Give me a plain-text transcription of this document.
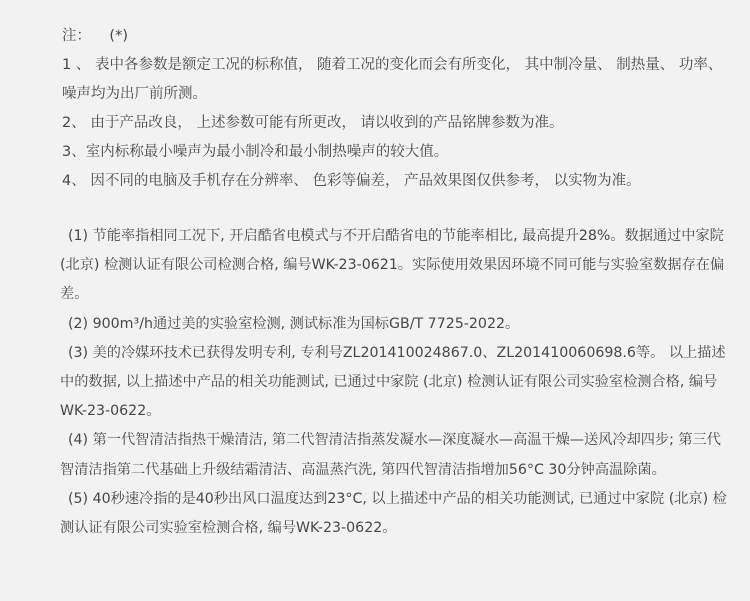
注：    (*)

1 、 表中各参数是额定工况的标称值， 随着工况的变化而会有所变化， 其中制冷量、 制热量、 功率、 噪声均为出厂前所测。

2、 由于产品改良， 上述参数可能有所更改， 请以收到的产品铭牌参数为准。

3、室内标称最小噪声为最小制冷和最小制热噪声的较大值。

4、 因不同的电脑及手机存在分辨率、 色彩等偏差， 产品效果图仅供参考， 以实物为准。

(1) 节能率指相同工况下, 开启酷省电模式与不开启酷省电的节能率相比, 最高提升28%。数据通过中家院 (北京) 检测认证有限公司检测合格, 编号WK-23-0621。实际使用效果因环境不同可能与实验室数据存在偏差。

(2) 900m³/h通过美的实验室检测, 测试标准为国标GB/T 7725-2022。

(3) 美的冷媒环技术已获得发明专利, 专利号ZL201410024867.0、ZL201410060698.6等。 以上描述中的数据, 以上描述中产品的相关功能测试, 已通过中家院 (北京) 检测认证有限公司实验室检测合格, 编号WK-23-0622。

(4) 第一代智清洁指热干燥清洁, 第二代智清洁指蒸发凝水—深度凝水—高温干燥—送风冷却四步; 第三代智清洁指第二代基础上升级结霜清洁、高温蒸汽洗, 第四代智清洁指增加56°C 30分钟高温除菌。

(5) 40秒速冷指的是40秒出风口温度达到23°C, 以上描述中产品的相关功能测试, 已通过中家院 (北京) 检测认证有限公司实验室检测合格, 编号WK-23-0622。
